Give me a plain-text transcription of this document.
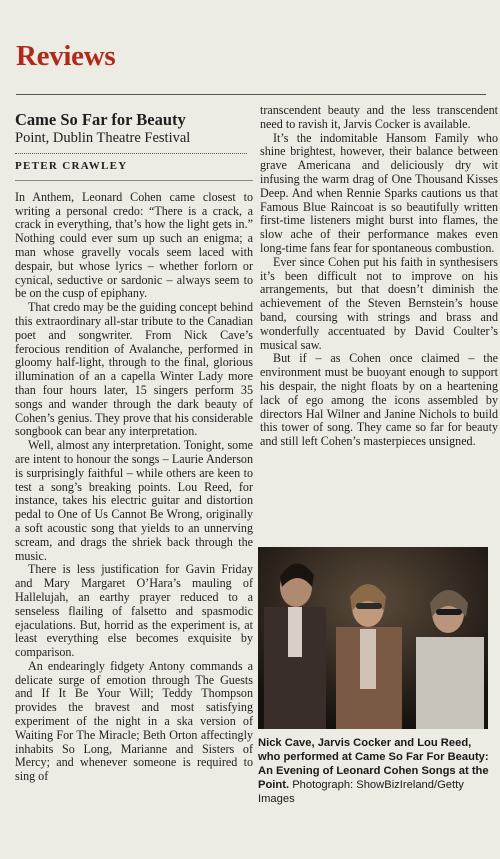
Reviews
Came So Far for Beauty
Point, Dublin Theatre Festival
PETER CRAWLEY

In Anthem, Leonard Cohen came closest to writing a personal credo: “There is a crack, a crack in everything, that’s how the light gets in.” Nothing could ever sum up such an enigma; a man whose gravelly vocals seem laced with despair, but whose lyrics – whether forlorn or cynical, seductive or sardonic – always seem to be on the cusp of epiphany.

That credo may be the guiding concept behind this extraordinary all-star tribute to the Canadian poet and songwriter. From Nick Cave’s ferocious rendition of Avalanche, performed in gloomy half-light, through to the final, glorious illumination of an a capella Winter Lady more than four hours later, 15 singers perform 35 songs and wander through the dark beauty of Cohen’s genius. They prove that his considerable songbook can bear any interpretation.

Well, almost any interpretation. Tonight, some are intent to honour the songs – Laurie Anderson is surprisingly faithful – while others are keen to test a song’s breaking points. Lou Reed, for instance, takes his electric guitar and distortion pedal to One of Us Cannot Be Wrong, originally a soft acoustic song that yields to an unnerving scream, and drags the shriek back through the music.

There is less justification for Gavin Friday and Mary Margaret O’Hara’s mauling of Hallelujah, an earthy prayer reduced to a senseless flailing of falsetto and spasmodic ejaculations. But, horrid as the experiment is, at least everything else becomes exquisite by comparison.

An endearingly fidgety Antony commands a delicate surge of emotion through The Guests and If It Be Your Will; Teddy Thompson provides the bravest and most satisfying experiment of the night in a ska version of Waiting For The Miracle; Beth Orton affectingly inhabits So Long, Marianne and Sisters of Mercy; and whenever someone is required to sing of

transcendent beauty and the less transcendent need to ravish it, Jarvis Cocker is available.

It’s the indomitable Hansom Family who shine brightest, however, their balance between grave Americana and deliciously dry wit infusing the warm drag of One Thousand Kisses Deep. And when Rennie Sparks cautions us that Famous Blue Raincoat is so beautifully written first-time listeners might burst into flames, the slow ache of their performance makes even long-time fans fear for spontaneous combustion.

Ever since Cohen put his faith in synthesisers it’s been difficult not to improve on his arrangements, but that doesn’t diminish the achievement of the Steven Bernstein’s house band, coursing with strings and brass and wonderfully accentuated by David Coulter’s musical saw.

But if – as Cohen once claimed – the environment must be buoyant enough to support his despair, the night floats by on a heartening lack of ego among the icons assembled by directors Hal Wilner and Janine Nichols to build this tower of song. They came so far for beauty and still left Cohen’s masterpieces unsigned.

Nick Cave, Jarvis Cocker and Lou Reed, who performed at Came So Far For Beauty: An Evening of Leonard Cohen Songs at the Point. Photograph: ShowBizIreland/Getty Images
